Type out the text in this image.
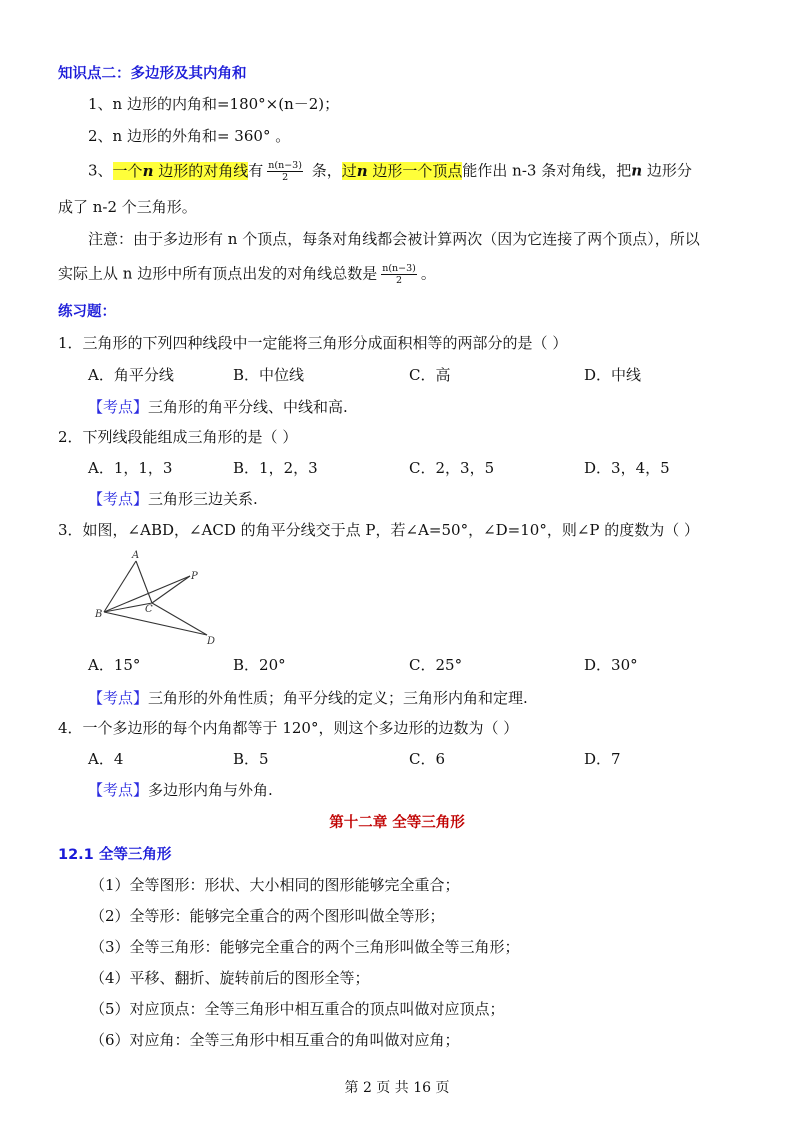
知识点二：多边形及其内角和
1、n 边形的内角和=180°×(n－2)；
2、n 边形的外角和= 360° 。
3、一个n 边形的对角线有 $\frac{n(n-3)}{2}$ 条，过n 边形一个顶点能作出 n-3 条对角线，把n 边形分
成了 n-2 个三角形。
注意：由于多边形有 n 个顶点，每条对角线都会被计算两次（因为它连接了两个顶点），所以
实际上从 n 边形中所有顶点出发的对角线总数是 $\frac{n(n-3)}{2}$ 。
练习题：
1．三角形的下列四种线段中一定能将三角形分成面积相等的两部分的是（ ）
A．角平分线	B．中位线	C．高	D．中线
【考点】三角形的角平分线、中线和高.
2．下列线段能组成三角形的是（ ）
A．1，1，3	B．1，2，3	C．2，3，5	D．3，4，5
【考点】三角形三边关系.
3．如图，∠ABD，∠ACD 的角平分线交于点 P，若∠A=50°，∠D=10°，则∠P 的度数为（ ）
A
P
B	C
D
A．15°	B．20°	C．25°	D．30°
【考点】三角形的外角性质；角平分线的定义；三角形内角和定理.
4．一个多边形的每个内角都等于 120°，则这个多边形的边数为（ ）
A．4	B．5	C．6	D．7
【考点】多边形内角与外角.
第十二章 全等三角形
12.1 全等三角形
（1）全等图形：形状、大小相同的图形能够完全重合；
（2）全等形：能够完全重合的两个图形叫做全等形；
（3）全等三角形：能够完全重合的两个三角形叫做全等三角形；
（4）平移、翻折、旋转前后的图形全等；
（5）对应顶点：全等三角形中相互重合的顶点叫做对应顶点；
（6）对应角：全等三角形中相互重合的角叫做对应角；
第 2 页 共 16 页
